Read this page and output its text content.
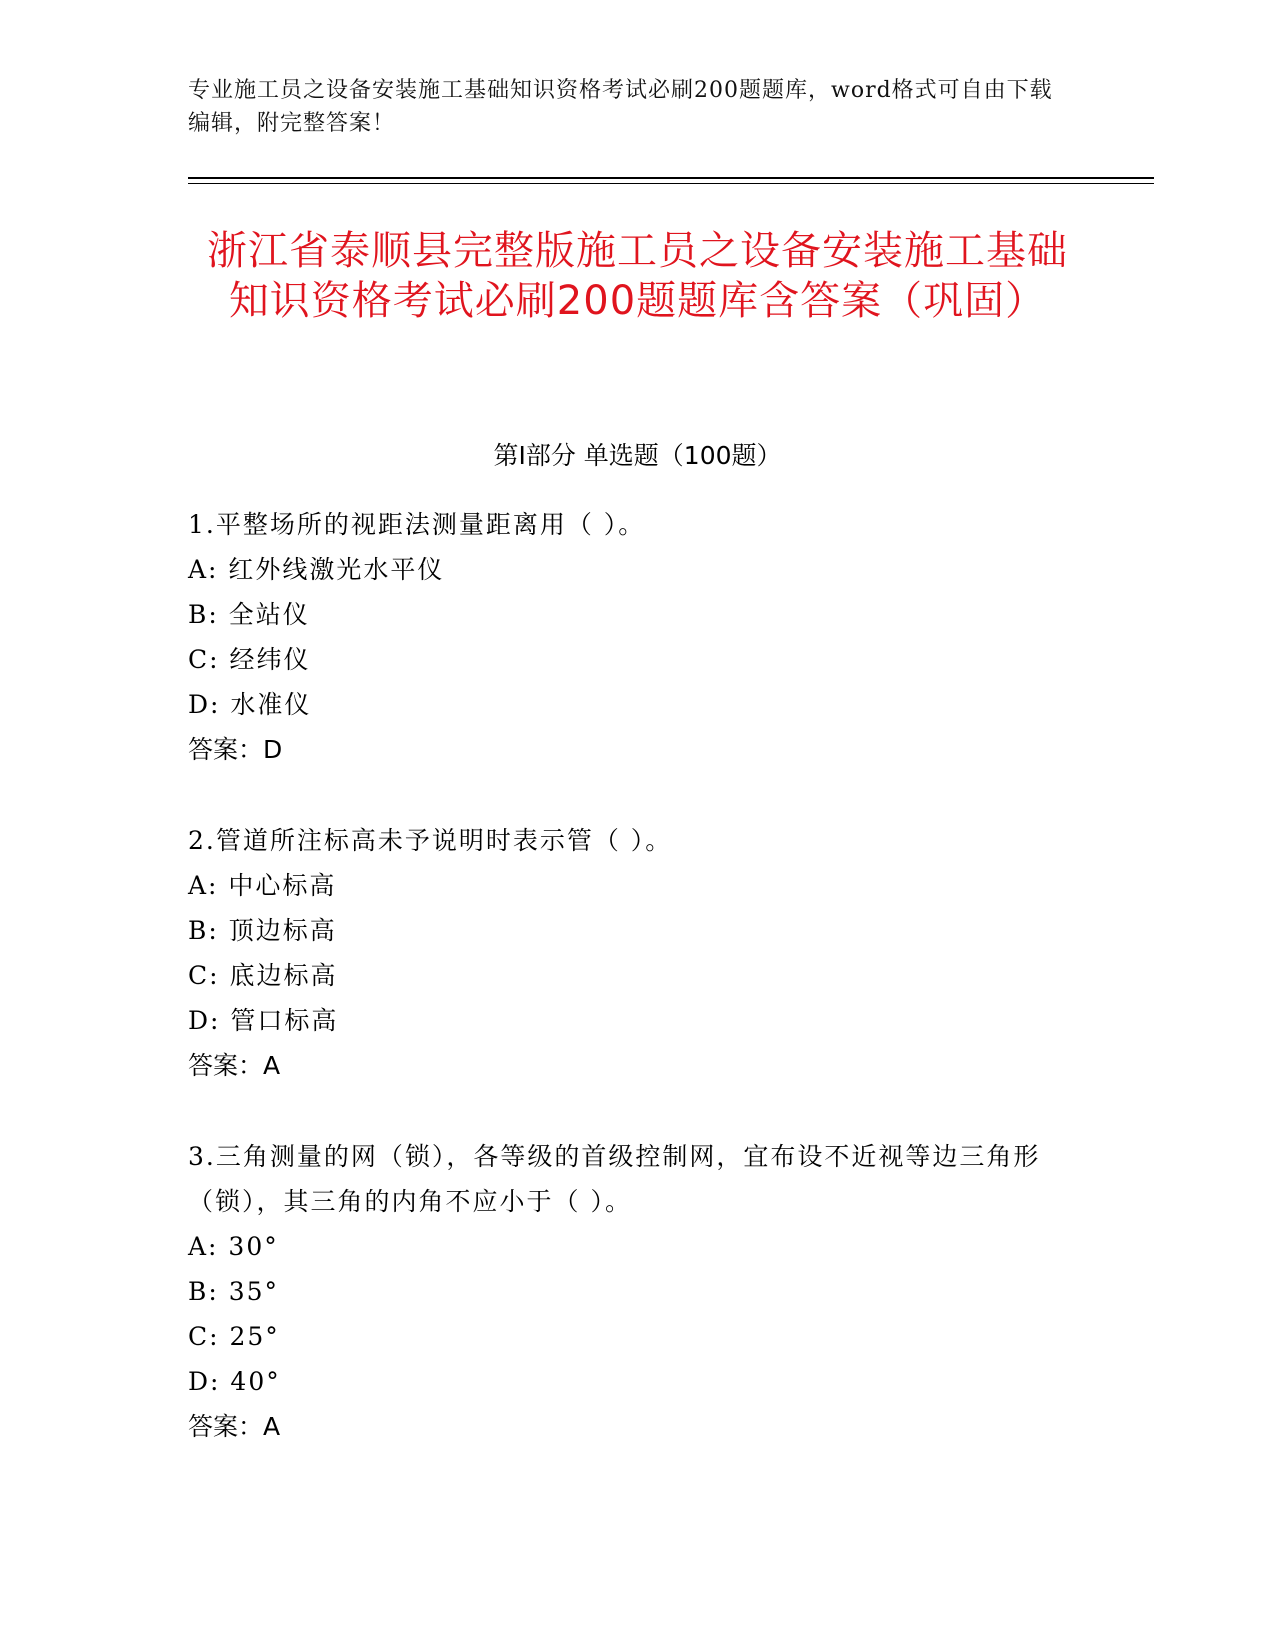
专业施工员之设备安装施工基础知识资格考试必刷200题题库，word格式可自由下载编辑，附完整答案！
浙江省泰顺县完整版施工员之设备安装施工基础知识资格考试必刷200题题库含答案（巩固）
第I部分 单选题（100题）
1.平整场所的视距法测量距离用（ ）。
A: 红外线激光水平仪
B: 全站仪
C: 经纬仪
D: 水准仪
答案：D
2.管道所注标高未予说明时表示管（ ）。
A: 中心标高
B: 顶边标高
C: 底边标高
D: 管口标高
答案：A
3.三角测量的网（锁），各等级的首级控制网，宜布设不近视等边三角形（锁），其三角的内角不应小于（ ）。
A: 30°
B: 35°
C: 25°
D: 40°
答案：A
